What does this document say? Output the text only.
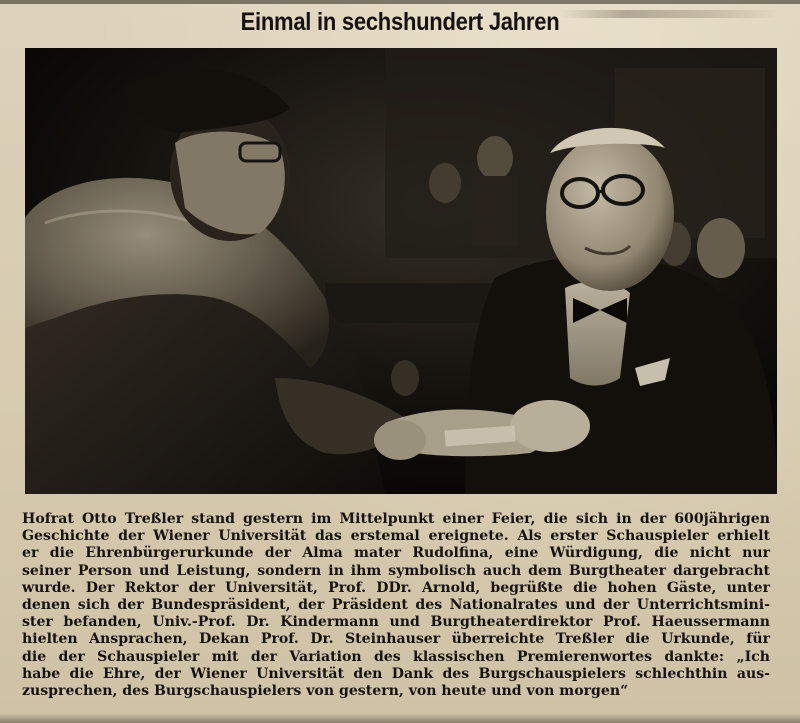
Einmal in sechshundert Jahren
Hofrat Otto Treßler stand gestern im Mittelpunkt einer Feier, die sich in der 600jährigen
Geschichte der Wiener Universität das erstemal ereignete. Als erster Schauspieler erhielt
er die Ehrenbürgerurkunde der Alma mater Rudolfina, eine Würdigung, die nicht nur
seiner Person und Leistung, sondern in ihm symbolisch auch dem Burgtheater dargebracht
wurde. Der Rektor der Universität, Prof. DDr. Arnold, begrüßte die hohen Gäste, unter
denen sich der Bundespräsident, der Präsident des Nationalrates und der Unterrichtsmini-
ster befanden, Univ.-Prof. Dr. Kindermann und Burgtheaterdirektor Prof. Haeussermann
hielten Ansprachen, Dekan Prof. Dr. Steinhauser überreichte Treßler die Urkunde, für
die der Schauspieler mit der Variation des klassischen Premierenwortes dankte: „Ich
habe die Ehre, der Wiener Universität den Dank des Burgschauspielers schlechthin aus-
zusprechen, des Burgschauspielers von gestern, von heute und von morgen“
